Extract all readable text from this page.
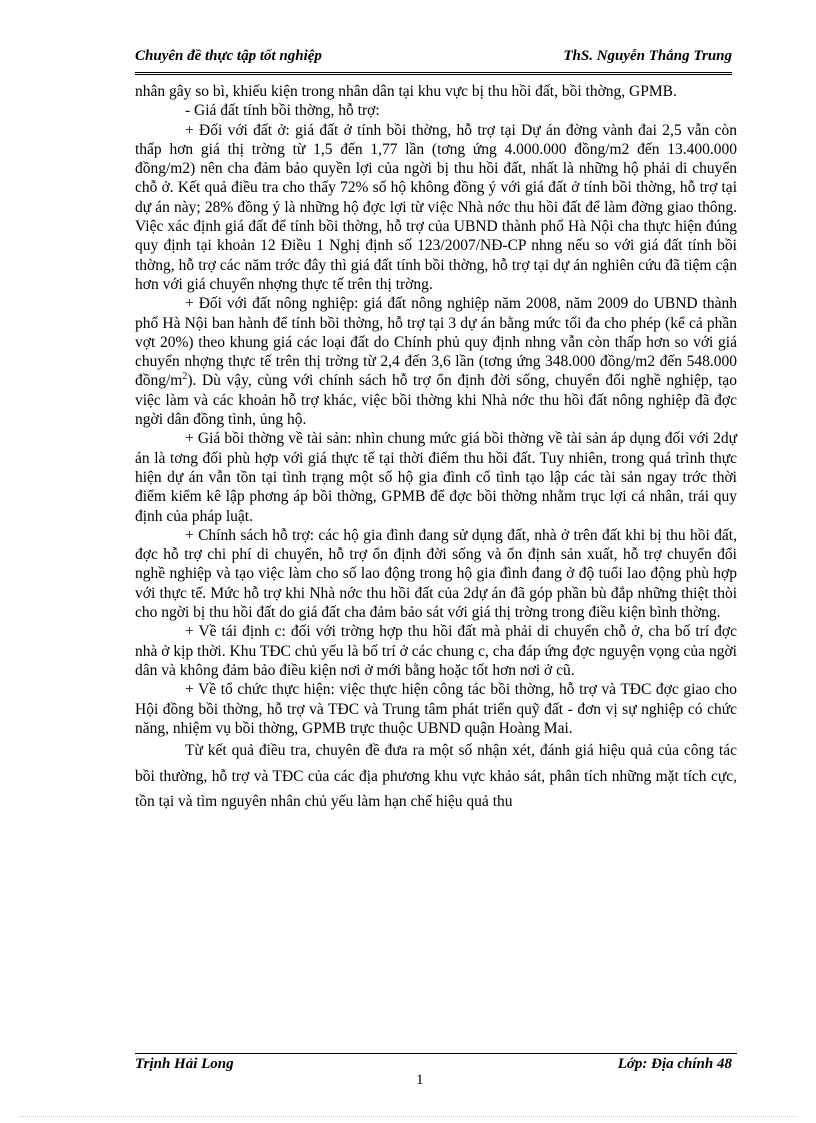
Chuyên đề thực tập tốt nghiệp	ThS. Nguyễn Thắng Trung

nhân gây so bì, khiếu kiện trong nhân dân tại khu vực bị thu hồi đất, bồi thờng, GPMB.

- Giá đất tính bồi thờng, hỗ trợ:

+ Đối với đất ở: giá đất ở tính bồi thờng, hỗ trợ tại Dự án đờng vành đai 2,5 vẫn còn thấp hơn giá thị trờng từ 1,5 đến 1,77 lần (tơng ứng 4.000.000 đồng/m2 đến 13.400.000 đồng/m2) nên cha đảm bảo quyền lợi của ngời bị thu hồi đất, nhất là những hộ phải di chuyển chỗ ở. Kết quả điều tra cho thấy 72% số hộ không đồng ý với giá đất ở tính bồi thờng, hỗ trợ tại dự án này; 28% đồng ý là những hộ đợc lợi từ việc Nhà nớc thu hồi đất để làm đờng giao thông. Việc xác định giá đất để tính bồi thờng, hỗ trợ của UBND thành phố Hà Nội cha thực hiện đúng quy định tại khoản 12 Điều 1 Nghị định số 123/2007/NĐ-CP nhng nếu so với giá đất tính bồi thờng, hỗ trợ các năm trớc đây thì giá đất tính bồi thờng, hỗ trợ tại dự án nghiên cứu đã tiệm cận hơn với giá chuyển nhợng thực tế trên thị trờng.

+ Đối với đất nông nghiệp: giá đất nông nghiệp năm 2008, năm 2009 do UBND thành phố Hà Nội ban hành để tính bồi thờng, hỗ trợ tại 3 dự án bằng mức tối đa cho phép (kể cả phần vợt 20%) theo khung giá các loại đất do Chính phủ quy định nhng vẫn còn thấp hơn so với giá chuyển nhợng thực tế trên thị trờng từ 2,4 đến 3,6 lần (tơng ứng 348.000 đồng/m2 đến 548.000 đồng/$m^2$). Dù vậy, cùng với chính sách hỗ trợ ổn định đời sống, chuyển đổi nghề nghiệp, tạo việc làm và các khoản hỗ trợ khác, việc bồi thờng khi Nhà nớc thu hồi đất nông nghiệp đã đợc ngời dân đồng tình, ủng hộ.

+ Giá bồi thờng về tài sản: nhìn chung mức giá bồi thờng về tài sản áp dụng đối với 2dự án là tơng đối phù hợp với giá thực tế tại thời điểm thu hồi đất. Tuy nhiên, trong quá trình thực hiện dự án vẫn tồn tại tình trạng một số hộ gia đình cố tình tạo lập các tài sản ngay trớc thời điểm kiểm kê lập phơng áp bồi thờng, GPMB để đợc bồi thờng nhằm trục lợi cá nhân, trái quy định của pháp luật.

+ Chính sách hỗ trợ: các hộ gia đình đang sử dụng đất, nhà ở trên đất khi bị thu hồi đất, đợc hỗ trợ chi phí di chuyển, hỗ trợ ổn định đời sống và ổn định sản xuất, hỗ trợ chuyển đổi nghề nghiệp và tạo việc làm cho số lao động trong hộ gia đình đang ở độ tuổi lao động phù hợp với thực tế. Mức hỗ trợ khi Nhà nớc thu hồi đất của 2dự án đã góp phần bù đắp những thiệt thòi cho ngời bị thu hồi đất do giá đất cha đảm bảo sát với giá thị trờng trong điều kiện bình thờng.

+ Về tái định c: đối với trờng hợp thu hồi đất mà phải di chuyển chỗ ở, cha bố trí đợc nhà ở kịp thời. Khu TĐC chủ yếu là bố trí ở các chung c, cha đáp ứng đợc nguyện vọng của ngời dân và không đảm bảo điều kiện nơi ở mới bằng hoặc tốt hơn nơi ở cũ.

+ Về tổ chức thực hiện: việc thực hiện công tác bồi thờng, hỗ trợ và TĐC đợc giao cho Hội đồng bồi thờng, hỗ trợ và TĐC và Trung tâm phát triển quỹ đất - đơn vị sự nghiệp có chức năng, nhiệm vụ bồi thờng, GPMB trực thuộc UBND quận Hoàng Mai.

Từ kết quả điều tra, chuyên đề đưa ra một số nhận xét, đánh giá hiệu quả của công tác bồi thường, hỗ trợ và TĐC của các địa phương khu vực khảo sát, phân tích những mặt tích cực, tồn tại và tìm nguyên nhân chủ yếu làm hạn chế hiệu quả thu

Trịnh Hải Long	Lớp: Địa chính 48
1
